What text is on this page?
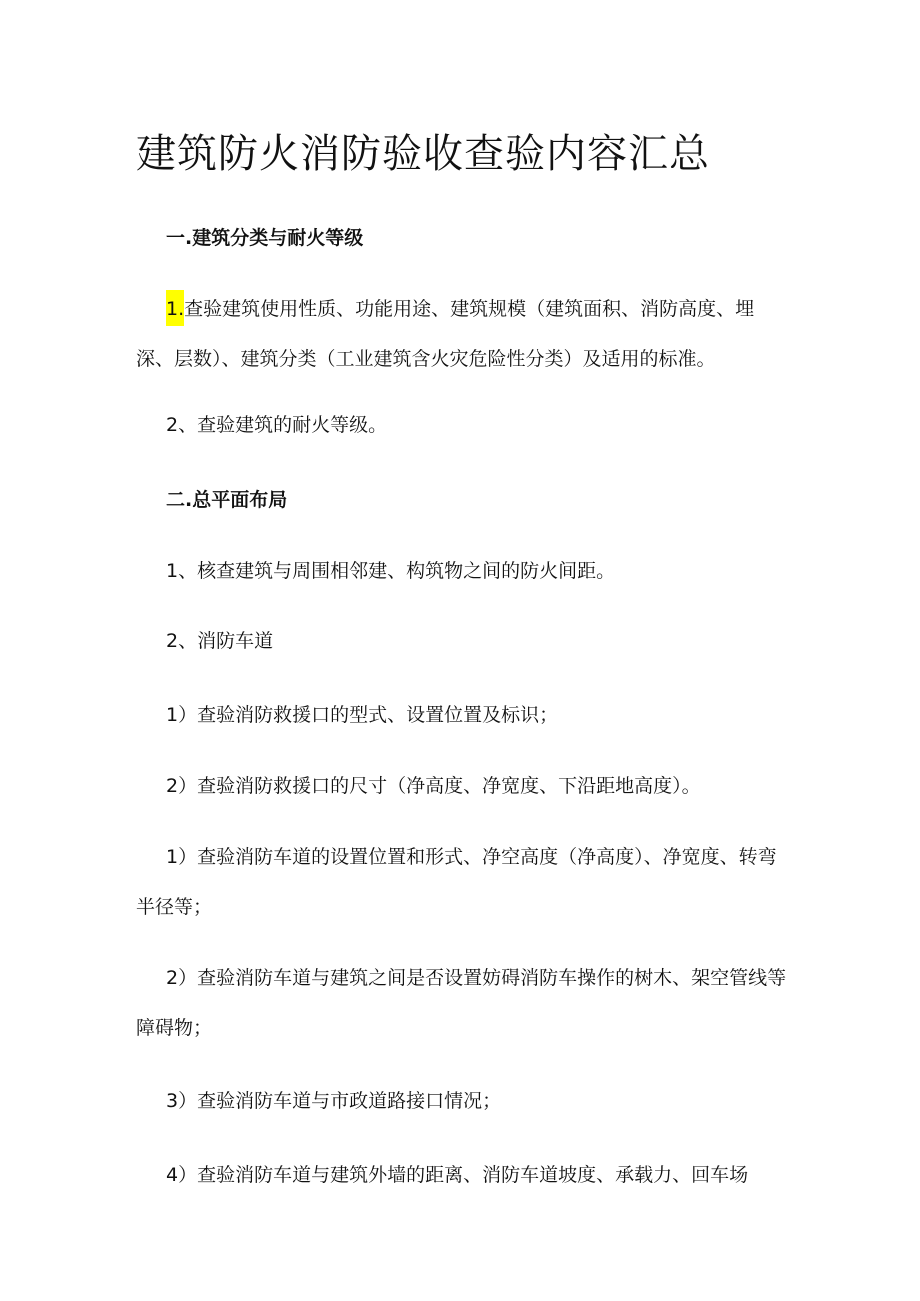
建筑防火消防验收查验内容汇总
一.建筑分类与耐火等级
1.查验建筑使用性质、功能用途、建筑规模（建筑面积、消防高度、埋深、层数）、建筑分类（工业建筑含火灾危险性分类）及适用的标准。
2、查验建筑的耐火等级。
二.总平面布局
1、核查建筑与周围相邻建、构筑物之间的防火间距。
2、消防车道
1）查验消防救援口的型式、设置位置及标识；
2）查验消防救援口的尺寸（净高度、净宽度、下沿距地高度）。
1）查验消防车道的设置位置和形式、净空高度（净高度）、净宽度、转弯半径等；
2）查验消防车道与建筑之间是否设置妨碍消防车操作的树木、架空管线等障碍物；
3）查验消防车道与市政道路接口情况；
4）查验消防车道与建筑外墙的距离、消防车道坡度、承载力、回车场
